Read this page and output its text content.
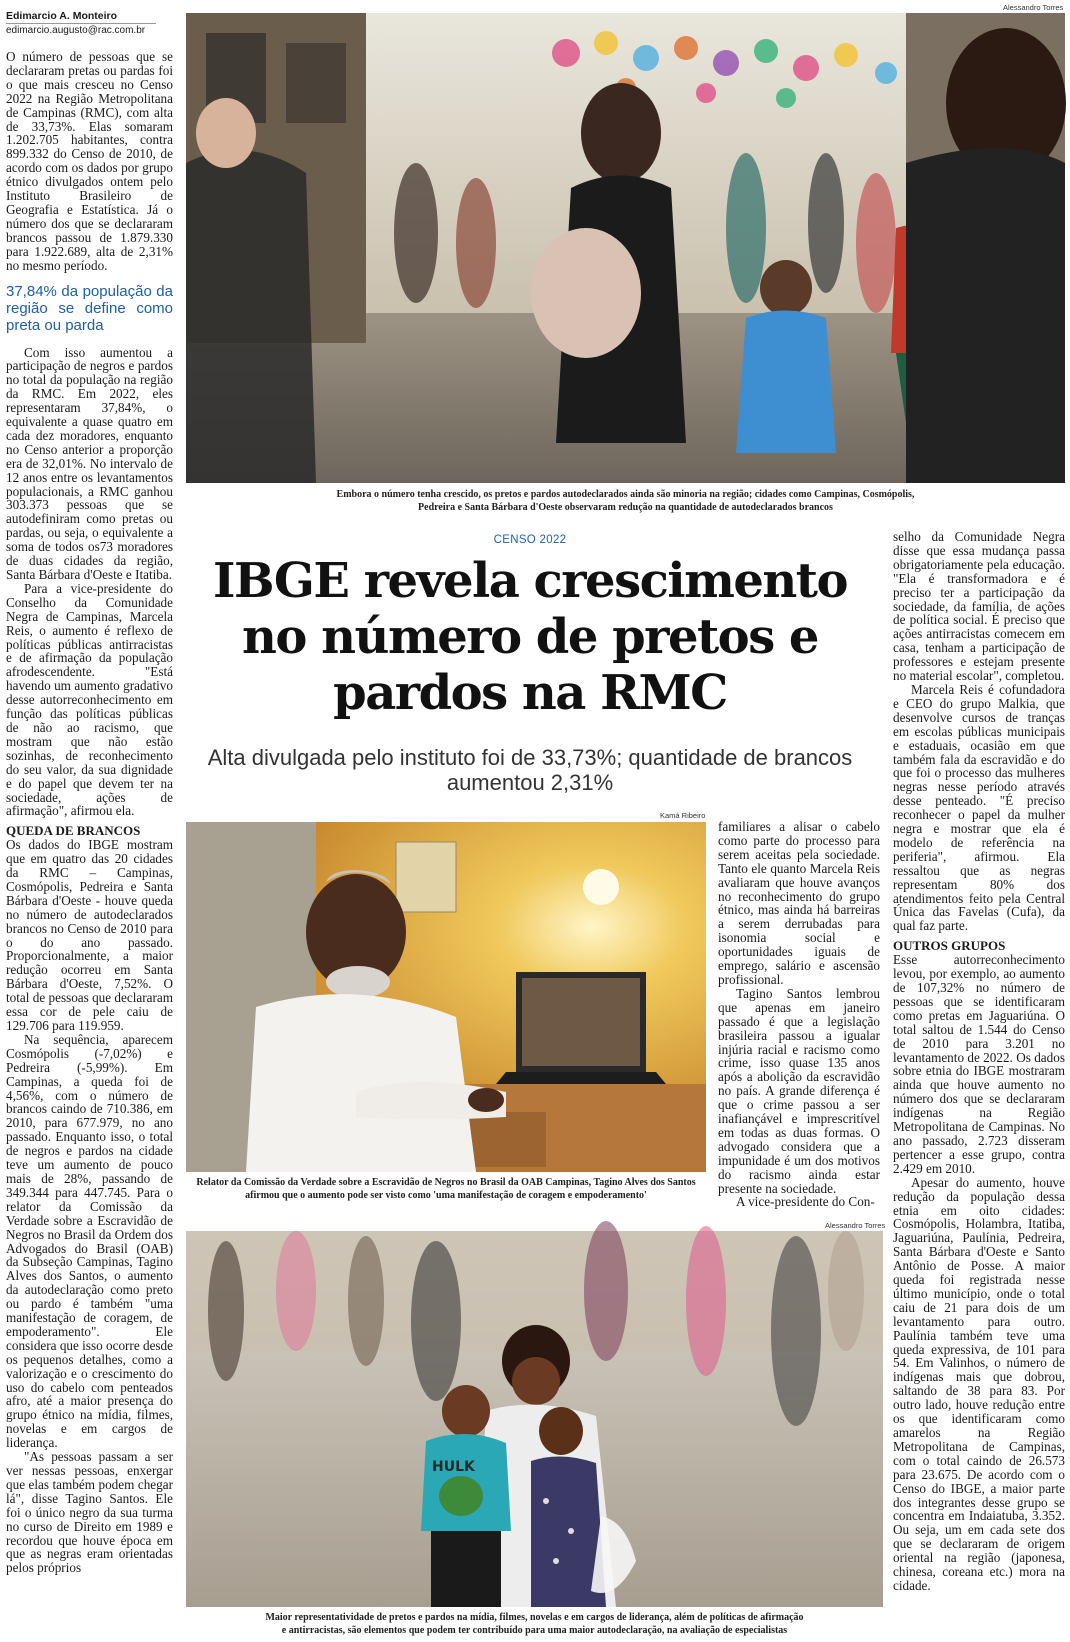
Edimarcio A. Monteiro
edimarcio.augusto@rac.com.br

O número de pessoas que se declararam pretas ou pardas foi o que mais cresceu no Censo 2022 na Região Metropolitana de Campinas (RMC), com alta de 33,73%. Elas somaram 1.202.705 habitantes, contra 899.332 do Censo de 2010, de acordo com os dados por grupo étnico divulgados ontem pelo Instituto Brasileiro de Geografia e Estatística. Já o número dos que se declararam brancos passou de 1.879.330 para 1.922.689, alta de 2,31% no mesmo período.

37,84% da população da região se define como preta ou parda

Com isso aumentou a participação de negros e pardos no total da população na região da RMC. Em 2022, eles representaram 37,84%, o equivalente a quase quatro em cada dez moradores, enquanto no Censo anterior a proporção era de 32,01%. No intervalo de 12 anos entre os levantamentos populacionais, a RMC ganhou 303.373 pessoas que se autodefiniram como pretas ou pardas, ou seja, o equivalente a soma de todos os73 moradores de duas cidades da região, Santa Bárbara d'Oeste e Itatiba.

Para a vice-presidente do Conselho da Comunidade Negra de Campinas, Marcela Reis, o aumento é reflexo de políticas públicas antirracistas e de afirmação da população afrodescendente. "Está havendo um aumento gradativo desse autorreconhecimento em função das políticas públicas de não ao racismo, que mostram que não estão sozinhas, de reconhecimento do seu valor, da sua dignidade e do papel que devem ter na sociedade, ações de afirmação", afirmou ela.

QUEDA DE BRANCOS

Os dados do IBGE mostram que em quatro das 20 cidades da RMC – Campinas, Cosmópolis, Pedreira e Santa Bárbara d'Oeste - houve queda no número de autodeclarados brancos no Censo de 2010 para o do ano passado. Proporcionalmente, a maior redução ocorreu em Santa Bárbara d'Oeste, 7,52%. O total de pessoas que declararam essa cor de pele caiu de 129.706 para 119.959.

Na sequência, aparecem Cosmópolis (-7,02%) e Pedreira (-5,99%). Em Campinas, a queda foi de 4,56%, com o número de brancos caindo de 710.386, em 2010, para 677.979, no ano passado. Enquanto isso, o total de negros e pardos na cidade teve um aumento de pouco mais de 28%, passando de 349.344 para 447.745. Para o relator da Comissão da Verdade sobre a Escravidão de Negros no Brasil da Ordem dos Advogados do Brasil (OAB) da Subseção Campinas, Tagino Alves dos Santos, o aumento da autodeclaração como preto ou pardo é também "uma manifestação de coragem, de empoderamento". Ele considera que isso ocorre desde os pequenos detalhes, como a valorização e o crescimento do uso do cabelo com penteados afro, até a maior presença do grupo étnico na mídia, filmes, novelas e em cargos de liderança.

"As pessoas passam a ser ver nessas pessoas, enxergar que elas também podem chegar lá", disse Tagino Santos. Ele foi o único negro da sua turma no curso de Direito em 1989 e recordou que houve época em que as negras eram orientadas pelos próprios

Alessandro Torres
Embora o número tenha crescido, os pretos e pardos autodeclarados ainda são minoria na região; cidades como Campinas, Cosmópolis,
Pedreira e Santa Bárbara d'Oeste observaram redução na quantidade de autodeclarados brancos
CENSO 2022
IBGE revela crescimento no número de pretos e pardos na RMC
Alta divulgada pelo instituto foi de 33,73%; quantidade de brancos aumentou 2,31%
Kamá Ribeiro
Relator da Comissão da Verdade sobre a Escravidão de Negros no Brasil da OAB Campinas, Tagino Alves dos Santos afirmou que o aumento pode ser visto como 'uma manifestação de coragem e empoderamento'

familiares a alisar o cabelo como parte do processo para serem aceitas pela sociedade. Tanto ele quanto Marcela Reis avaliaram que houve avanços no reconhecimento do grupo étnico, mas ainda há barreiras a serem derrubadas para isonomia social e oportunidades iguais de emprego, salário e ascensão profissional.

Tagino Santos lembrou que apenas em janeiro passado é que a legislação brasileira passou a igualar injúria racial e racismo como crime, isso quase 135 anos após a abolição da escravidão no país. A grande diferença é que o crime passou a ser inafiançável e imprescritível em todas as duas formas. O advogado considera que a impunidade é um dos motivos do racismo ainda estar presente na sociedade.

A vice-presidente do Con-

selho da Comunidade Negra disse que essa mudança passa obrigatoriamente pela educação. "Ela é transformadora e é preciso ter a participação da sociedade, da família, de ações de política social. É preciso que ações antirracistas comecem em casa, tenham a participação de professores e estejam presente no material escolar", completou.

Marcela Reis é cofundadora e CEO do grupo Malkia, que desenvolve cursos de tranças em escolas públicas municipais e estaduais, ocasião em que também fala da escravidão e do que foi o processo das mulheres negras nesse período através desse penteado. "É preciso reconhecer o papel da mulher negra e mostrar que ela é modelo de referência na periferia", afirmou. Ela ressaltou que as negras representam 80% dos atendimentos feito pela Central Única das Favelas (Cufa), da qual faz parte.

OUTROS GRUPOS

Esse autorreconhecimento levou, por exemplo, ao aumento de 107,32% no número de pessoas que se identificaram como pretas em Jaguariúna. O total saltou de 1.544 do Censo de 2010 para 3.201 no levantamento de 2022. Os dados sobre etnia do IBGE mostraram ainda que houve aumento no número dos que se declararam indígenas na Região Metropolitana de Campinas. No ano passado, 2.723 disseram pertencer a esse grupo, contra 2.429 em 2010.

Apesar do aumento, houve redução da população dessa etnia em oito cidades: Cosmópolis, Holambra, Itatiba, Jaguariúna, Paulínia, Pedreira, Santa Bárbara d'Oeste e Santo Antônio de Posse. A maior queda foi registrada nesse último município, onde o total caiu de 21 para dois de um levantamento para outro. Paulínia também teve uma queda expressiva, de 101 para 54. Em Valinhos, o número de indígenas mais que dobrou, saltando de 38 para 83. Por outro lado, houve redução entre os que identificaram como amarelos na Região Metropolitana de Campinas, com o total caindo de 26.573 para 23.675. De acordo com o Censo do IBGE, a maior parte dos integrantes desse grupo se concentra em Indaiatuba, 3.352. Ou seja, um em cada sete dos que se declararam de origem oriental na região (japonesa, chinesa, coreana etc.) mora na cidade.

Alessandro Torres
HULK
Maior representatividade de pretos e pardos na mídia, filmes, novelas e em cargos de liderança, além de políticas de afirmação
e antirracistas, são elementos que podem ter contribuído para uma maior autodeclaração, na avaliação de especialistas
